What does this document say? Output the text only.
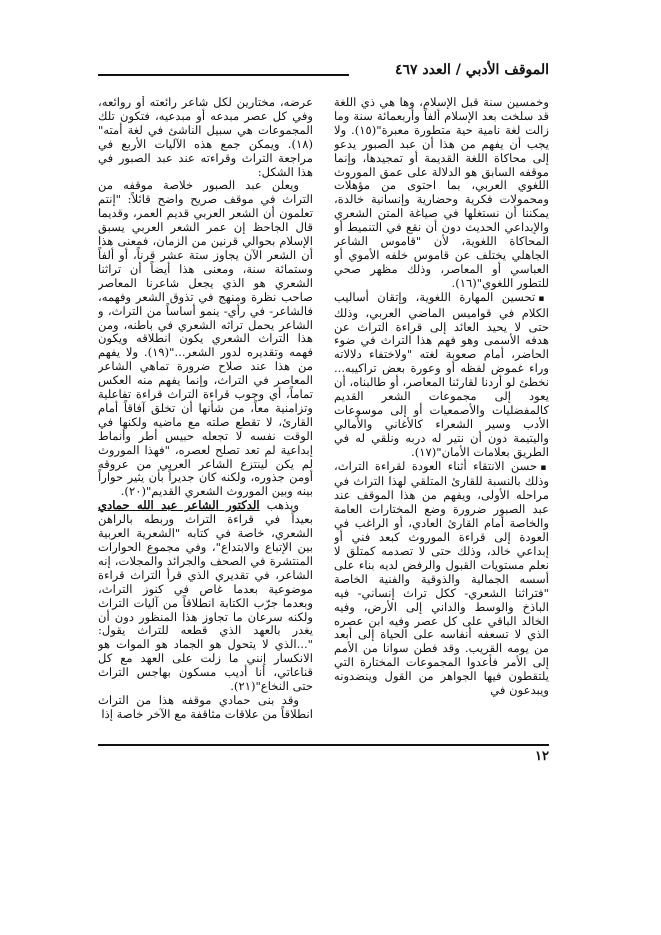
الموقف الأدبي / العدد ٤٦٧

وخمسين سنة قبل الإسلام، وها هي ذي اللغة قد سلخت بعد الإسلام ألفاً وأربعمائة سنة وما زالت لغة نامية حية متطورة معبرة"(١٥). ولا يجب أن يفهم من هذا أن عبد الصبور يدعو إلى محاكاة اللغة القديمة أو تمجيدها، وإنما موقفه السابق هو الدلالة على عمق الموروث اللغوي العربي، بما احتوى من مؤهلات ومحمولات فكرية وحضارية وإنسانية خالدة، يمكننا أن نستغلها في صياغة المتن الشعري والإبداعي الحديث دون أن نقع في التنميط أو المحاكاة اللغوية، لأن "قاموس الشاعر الجاهلي يختلف عن قاموس خلفه الأموي أو العباسي أو المعاصر، وذلك مظهر صحي للتطور اللغوي"(١٦).

▪ تحسين المهارة اللغوية، وإتقان أساليب الكلام في قواميس الماضي العربي، وذلك حتى لا يحيد العائد إلى قراءة التراث عن هدفه الأسمى وهو فهم هذا التراث في ضوء الحاضر، أمام صعوبة لغته "ولاختفاء دلالاته وراء غموض لفظه أو وعورة بعض تراكيبه... نخطئ لو أردنا لقارئنا المعاصر، أو طالبناه، أن يعود إلى مجموعات الشعر القديم كالمفضليات والأصمعيات أو إلى موسوعات الأدب وسير الشعراء كالأغاني والأمالي واليتيمة دون أن نتير له دربه ونلقي له في الطريق بعلامات الأمان"(١٧).

▪ حسن الانتقاء أثناء العودة لقراءة التراث، وذلك بالنسبة للقارئ المتلقي لهذا التراث في مراحله الأولى، ويفهم من هذا الموقف عند عبد الصبور ضرورة وضع المختارات العامة والخاصة أمام القارئ العادي، أو الراغب في العودة إلى قراءة الموروث كبعد فني أو إبداعي خالد، وذلك حتى لا تصدمه كمتلق لا نعلم مستويات القبول والرفض لديه بناء على أسسه الجمالية والذوقية والفنية الخاصة "فتراثنا الشعري- ككل تراث إنساني- فيه الباذخ والوسط والداني إلى الأرض، وفيه الخالد الباقي على كل عصر وفيه ابن عصره الذي لا تسعفه أنفاسه على الحياة إلى أبعد من يومه القريب. وقد فطن سوانا من الأمم إلى الأمر فأعدوا المجموعات المختارة التي يلتقطون فيها الجواهر من القول وينضدونه ويبدعون في

عرضه، مختارين لكل شاعر رائعته أو روائعه، وفي كل عصر مبدعه أو مبدعيه، فتكون تلك المجموعات هي سبيل الناشئ في لغة أمته"(١٨). ويمكن جمع هذه الآليات الأربع في مراجعة التراث وقراءته عند عبد الصبور في هذا الشكل:

ويعلن عبد الصبور خلاصة موقفه من التراث في موقف صريح واضح قائلاً: "إنتم تعلمون أن الشعر العربي قديم العمر، وقديما قال الجاحظ إن عمر الشعر العربي يسبق الإسلام بحوالي قرنين من الزمان، فمعنى هذا أن الشعر الآن يجاوز ستة عشر قرناً، أو ألفاً وستمائة سنة، ومعنى هذا أيضاً أن تراثنا الشعري هو الذي يجعل شاعرنا المعاصر صاحب نظرة ومنهج في تذوق الشعر وفهمه، فالشاعر- في رأي- ينمو أساساً من التراث، و الشاعر يحمل تراثه الشعري في باطنه، ومن هذا التراث الشعري يكون انطلاقه ويكون فهمه وتقديره لدور الشعر..."(١٩). ولا يفهم من هذا عند صلاح ضرورة تماهي الشاعر المعاصر في التراث، وإنما يفهم منه العكس تماماً، أي وجوب قراءة التراث قراءة تفاعلية وتزامنية معاً، من شأنها أن تخلق آفاقاً أمام القارئ، لا تقطع صلته مع ماضيه ولكنها في الوقت نفسه لا تجعله حبيس أطر وأنماط إبداعية لم تعد تصلح لعصره، "فهذا الموروث لم يكن لينتزع الشاعر العربي من عروقه أومن جذوره، ولكنه كان جديراً بأن يثير حواراً بينه وبين الموروث الشعري القديم"(٢٠).

ويذهب الدكتور الشاعر عبد الله حمادي بعيداً في قراءة التراث وربطه بالراهن الشعري، خاصة في كتابه "الشعرية العربية بين الإتباع والابتداع"، وفي مجموع الحوارات المنتشرة في الصحف والجرائد والمجلات، إنه الشاعر، في تقديري الذي قرأ التراث قراءة موضوعية بعدما غاص في كنوز التراث، وبعدما جرّب الكتابة انطلاقاً من آليات التراث ولكنه سرعان ما تجاوز هذا المنظور دون أن يغدر بالعهد الذي قطعه للتراث يقول: "...الذي لا يتحول هو الجماد هو الموات هو الانكسار إنني ما زلت على العهد مع كل قناعاتي، أنا أديب مسكون بهاجس التراث حتى النخاع"(٢١).

وقد بنى حمادي موقفه هذا من التراث انطلاقاً من علاقات مثاقفة مع الآخر خاصة إذا

١٢
